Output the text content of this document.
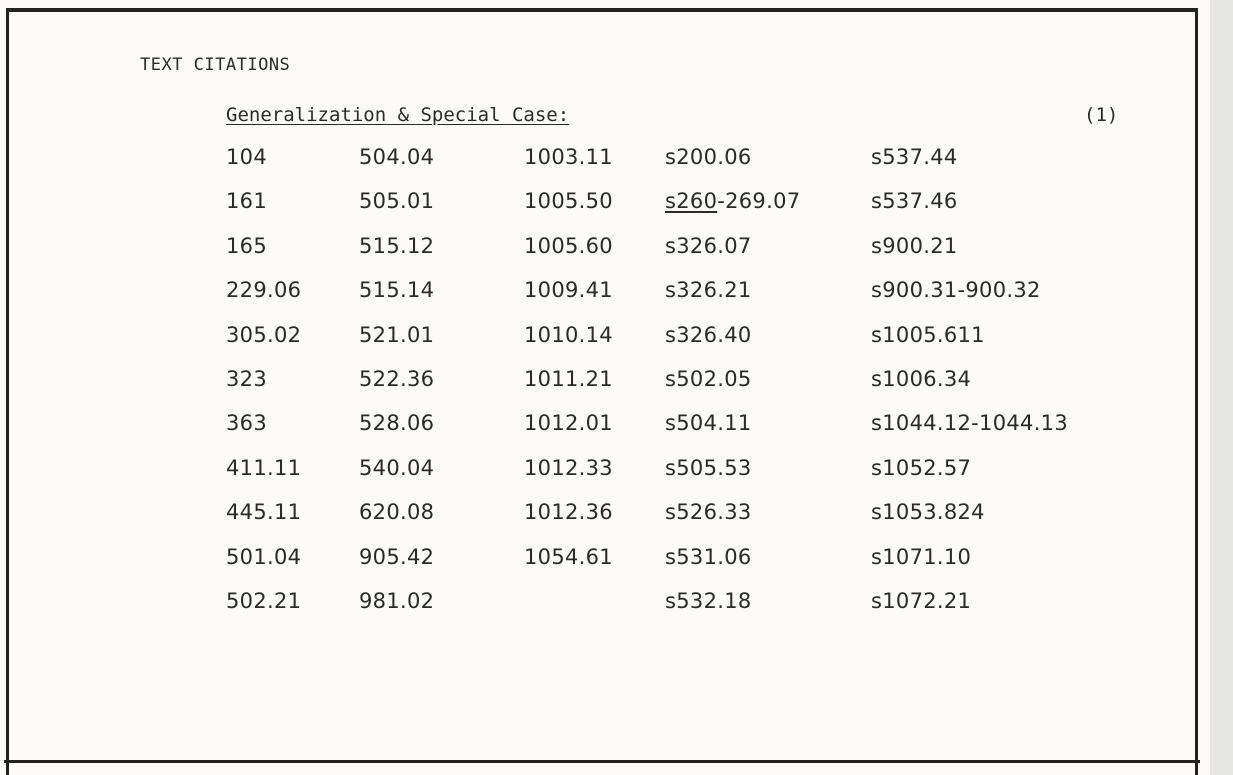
TEXT CITATIONS
Generalization & Special Case:	(1)
104
161
165
229.06
305.02
323
363
411.11
445.11
501.04
502.21
504.04
505.01
515.12
515.14
521.01
522.36
528.06
540.04
620.08
905.42
981.02
1003.11
1005.50
1005.60
1009.41
1010.14
1011.21
1012.01
1012.33
1012.36
1054.61
s200.06
s260-269.07
s326.07
s326.21
s326.40
s502.05
s504.11
s505.53
s526.33
s531.06
s532.18
s537.44
s537.46
s900.21
s900.31-900.32
s1005.611
s1006.34
s1044.12-1044.13
s1052.57
s1053.824
s1071.10
s1072.21
